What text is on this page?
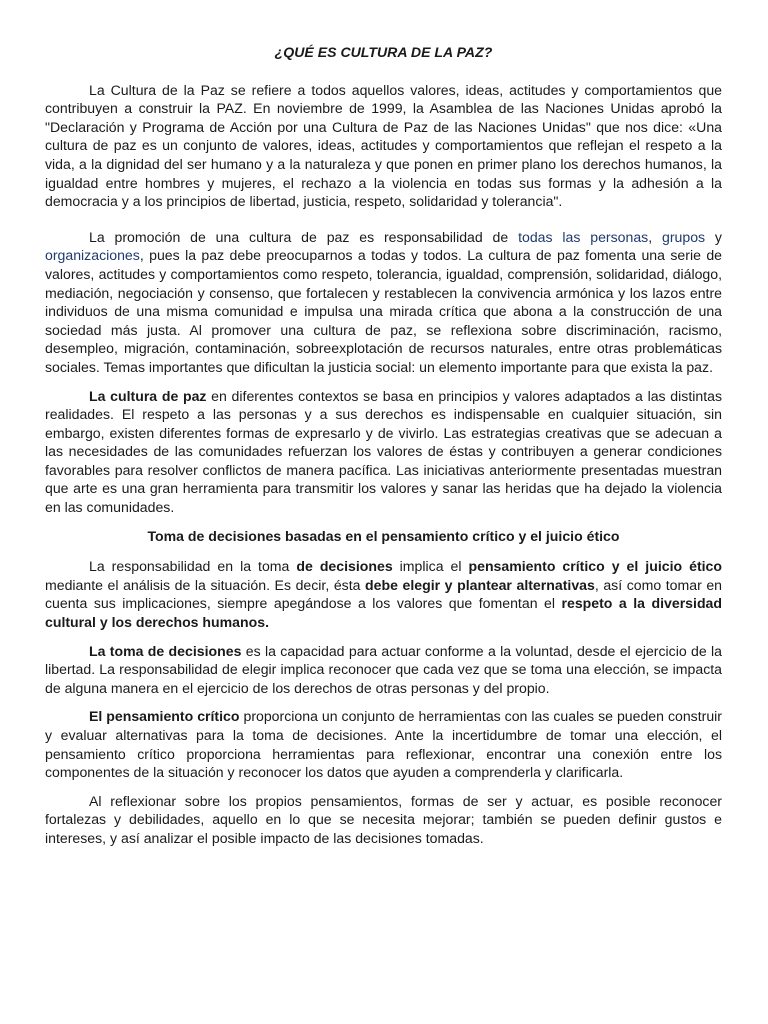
¿QUÉ ES CULTURA DE LA PAZ?

La Cultura de la Paz se refiere a todos aquellos valores, ideas, actitudes y comportamientos que contribuyen a construir la PAZ. En noviembre de 1999, la Asamblea de las Naciones Unidas aprobó la "Declaración y Programa de Acción por una Cultura de Paz de las Naciones Unidas" que nos dice: «Una cultura de paz es un conjunto de valores, ideas, actitudes y comportamientos que reflejan el respeto a la vida, a la dignidad del ser humano y a la naturaleza y que ponen en primer plano los derechos humanos, la igualdad entre hombres y mujeres, el rechazo a la violencia en todas sus formas y la adhesión a la democracia y a los principios de libertad, justicia, respeto, solidaridad y tolerancia".

La promoción de una cultura de paz es responsabilidad de todas las personas, grupos y organizaciones, pues la paz debe preocuparnos a todas y todos. La cultura de paz fomenta una serie de valores, actitudes y comportamientos como respeto, tolerancia, igualdad, comprensión, solidaridad, diálogo, mediación, negociación y consenso, que fortalecen y restablecen la convivencia armónica y los lazos entre individuos de una misma comunidad e impulsa una mirada crítica que abona a la construcción de una sociedad más justa. Al promover una cultura de paz, se reflexiona sobre discriminación, racismo, desempleo, migración, contaminación, sobreexplotación de recursos naturales, entre otras problemáticas sociales. Temas importantes que dificultan la justicia social: un elemento importante para que exista la paz.

La cultura de paz en diferentes contextos se basa en principios y valores adaptados a las distintas realidades. El respeto a las personas y a sus derechos es indispensable en cualquier situación, sin embargo, existen diferentes formas de expresarlo y de vivirlo. Las estrategias creativas que se adecuan a las necesidades de las comunidades refuerzan los valores de éstas y contribuyen a generar condiciones favorables para resolver conflictos de manera pacífica. Las iniciativas anteriormente presentadas muestran que arte es una gran herramienta para transmitir los valores y sanar las heridas que ha dejado la violencia en las comunidades.

Toma de decisiones basadas en el pensamiento crítico y el juicio ético

La responsabilidad en la toma de decisiones implica el pensamiento crítico y el juicio ético mediante el análisis de la situación. Es decir, ésta debe elegir y plantear alternativas, así como tomar en cuenta sus implicaciones, siempre apegándose a los valores que fomentan el respeto a la diversidad cultural y los derechos humanos.

La toma de decisiones es la capacidad para actuar conforme a la voluntad, desde el ejercicio de la libertad. La responsabilidad de elegir implica reconocer que cada vez que se toma una elección, se impacta de alguna manera en el ejercicio de los derechos de otras personas y del propio.

El pensamiento crítico proporciona un conjunto de herramientas con las cuales se pueden construir y evaluar alternativas para la toma de decisiones. Ante la incertidumbre de tomar una elección, el pensamiento crítico proporciona herramientas para reflexionar, encontrar una conexión entre los componentes de la situación y reconocer los datos que ayuden a comprenderla y clarificarla.

Al reflexionar sobre los propios pensamientos, formas de ser y actuar, es posible reconocer fortalezas y debilidades, aquello en lo que se necesita mejorar; también se pueden definir gustos e intereses, y así analizar el posible impacto de las decisiones tomadas.
